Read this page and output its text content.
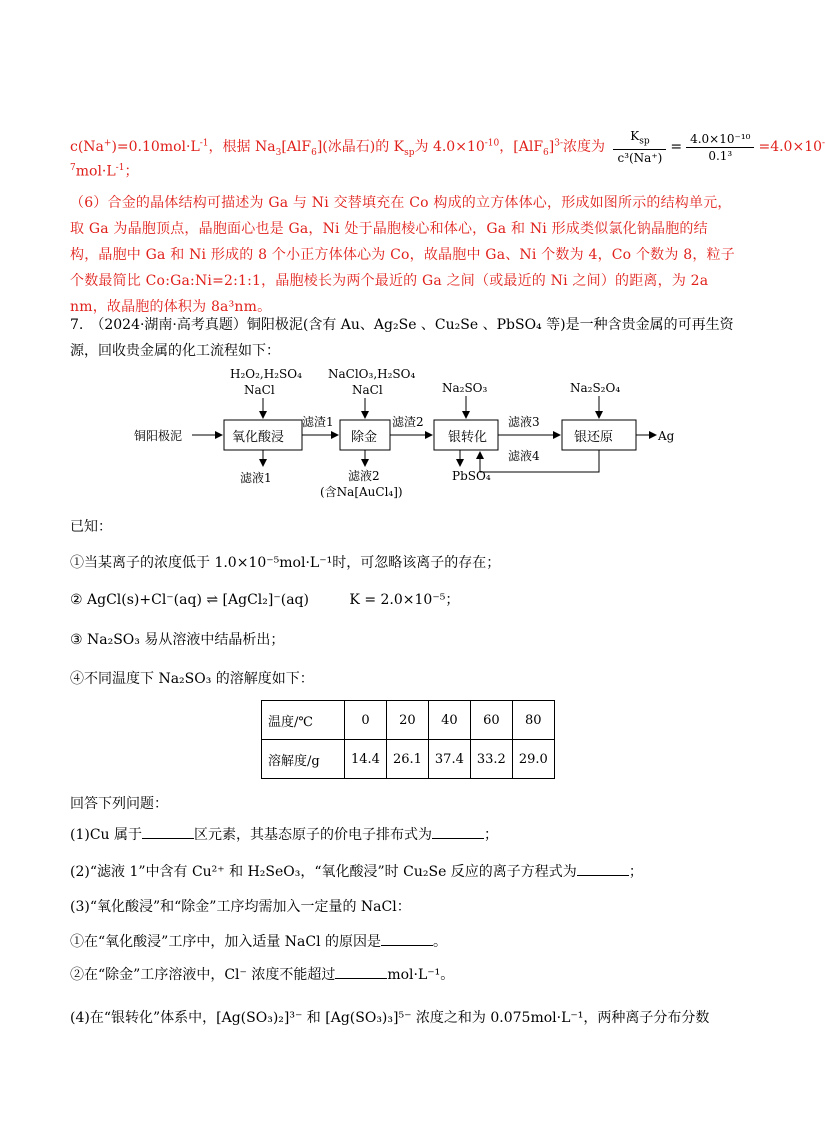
$c(Na^+)=0.10mol\cdot L^{-1}$，根据 $Na_3[AlF_6]$(冰晶石)的 $K_{sp}$为 $4.0\times 10^{-10}$，$[AlF_6]^{3-}$浓度为 $\frac{K_{sp}}{\text{c³(Na⁺)}} = \frac{\text{4.0×10⁻¹⁰}}{\text{0.1³}} =4.0\times 10^-$
$^7mol\cdot L^{-1}$；
（6）合金的晶体结构可描述为 Ga 与 Ni 交替填充在 Co 构成的立方体体心，形成如图所示的结构单元，取 Ga 为晶胞顶点，晶胞面心也是 Ga，Ni 处于晶胞棱心和体心，Ga 和 Ni 形成类似氯化钠晶胞的结构，晶胞中 Ga 和 Ni 形成的 8 个小正方体体心为 Co，故晶胞中 Ga、Ni 个数为 4，Co 个数为 8，粒子个数最简比 Co:Ga:Ni=2:1:1，晶胞棱长为两个最近的 Ga 之间（或最近的 Ni 之间）的距离，为 2a nm，故晶胞的体积为 8a³nm。
7.　（2024·湖南·高考真题）铜阳极泥(含有 Au、Ag₂Se 、Cu₂Se 、PbSO₄ 等)是一种含贵金属的可再生资
源，回收贵金属的化工流程如下：
H₂O₂,H₂SO₄
NaCl
NaClO₃,H₂SO₄
NaCl	Na₂SO₃	Na₂S₂O₄
铜阳极泥	Ag
氧化酸浸	除金	银转化	银还原
滤渣1	滤渣2	滤液3
滤液4
滤液1	滤液2
(含Na[AuCl₄])
PbSO₄
已知：
①当某离子的浓度低于 1.0×10⁻⁵mol·L⁻¹时，可忽略该离子的存在；
② AgCl(s)+Cl⁻(aq) ⇌ [AgCl₂]⁻(aq)	K = 2.0×10⁻⁵；
③ Na₂SO₃ 易从溶液中结晶析出；
④不同温度下 Na₂SO₃ 的溶解度如下：
温度/℃	0	20	40	60	80
溶解度/g	14.4	26.1	37.4	33.2	29.0
回答下列问题：
(1)Cu 属于	区元素，其基态原子的价电子排布式为	；
(2)“滤液 1”中含有 Cu²⁺ 和 H₂SeO₃，“氧化酸浸”时 Cu₂Se 反应的离子方程式为	；
(3)“氧化酸浸”和“除金”工序均需加入一定量的 NaCl：
①在“氧化酸浸”工序中，加入适量 NaCl 的原因是	。
②在“除金”工序溶液中，Cl⁻ 浓度不能超过	mol·L⁻¹。
(4)在“银转化”体系中，[Ag(SO₃)₂]³⁻ 和 [Ag(SO₃)₃]⁵⁻ 浓度之和为 0.075mol·L⁻¹，两种离子分布分数
